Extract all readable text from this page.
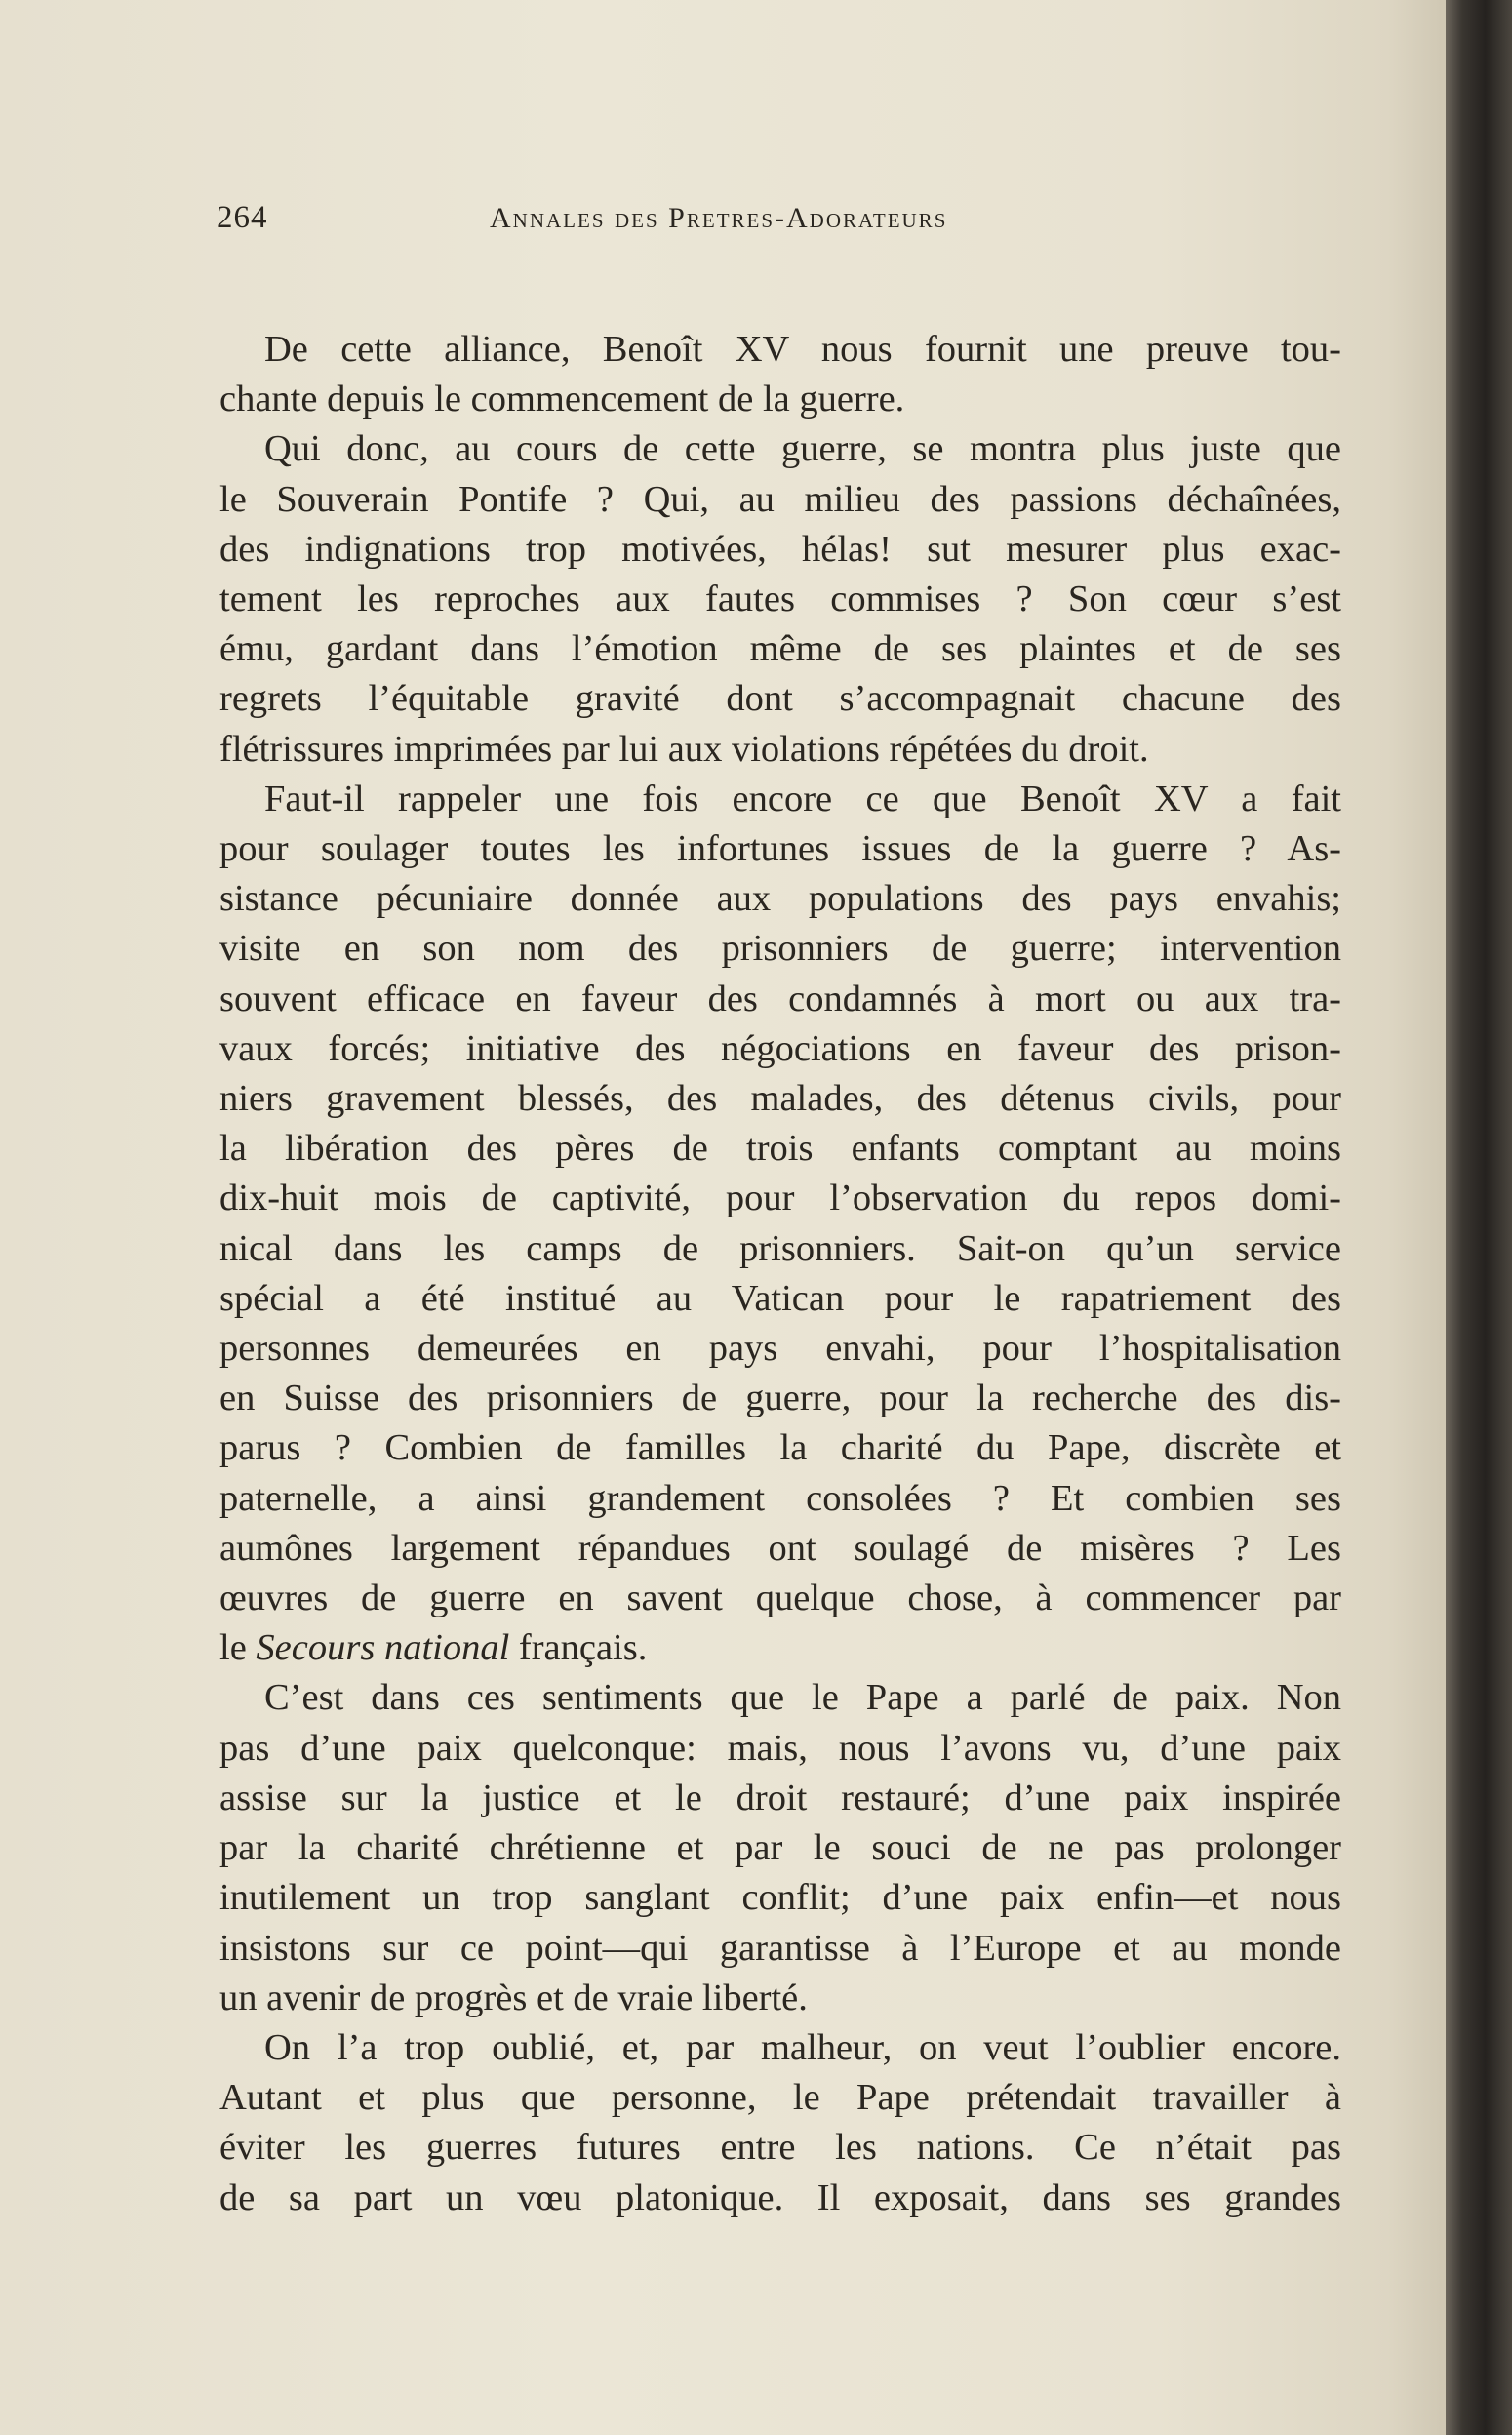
264	Annales des Pretres-Adorateurs
De cette alliance, Benoît XV nous fournit une preuve tou-
chante depuis le commencement de la guerre.
Qui donc, au cours de cette guerre, se montra plus juste que
le Souverain Pontife ? Qui, au milieu des passions déchaînées,
des indignations trop motivées, hélas! sut mesurer plus exac-
tement les reproches aux fautes commises ? Son cœur s’est
ému, gardant dans l’émotion même de ses plaintes et de ses
regrets l’équitable gravité dont s’accompagnait chacune des
flétrissures imprimées par lui aux violations répétées du droit.
Faut-il rappeler une fois encore ce que Benoît XV a fait
pour soulager toutes les infortunes issues de la guerre ? As-
sistance pécuniaire donnée aux populations des pays envahis;
visite en son nom des prisonniers de guerre; intervention
souvent efficace en faveur des condamnés à mort ou aux tra-
vaux forcés; initiative des négociations en faveur des prison-
niers gravement blessés, des malades, des détenus civils, pour
la libération des pères de trois enfants comptant au moins
dix-huit mois de captivité, pour l’observation du repos domi-
nical dans les camps de prisonniers. Sait-on qu’un service
spécial a été institué au Vatican pour le rapatriement des
personnes demeurées en pays envahi, pour l’hospitalisation
en Suisse des prisonniers de guerre, pour la recherche des dis-
parus ? Combien de familles la charité du Pape, discrète et
paternelle, a ainsi grandement consolées ? Et combien ses
aumônes largement répandues ont soulagé de misères ? Les
œuvres de guerre en savent quelque chose, à commencer par
le Secours national français.
C’est dans ces sentiments que le Pape a parlé de paix. Non
pas d’une paix quelconque: mais, nous l’avons vu, d’une paix
assise sur la justice et le droit restauré; d’une paix inspirée
par la charité chrétienne et par le souci de ne pas prolonger
inutilement un trop sanglant conflit; d’une paix enfin—et nous
insistons sur ce point—qui garantisse à l’Europe et au monde
un avenir de progrès et de vraie liberté.
On l’a trop oublié, et, par malheur, on veut l’oublier encore.
Autant et plus que personne, le Pape prétendait travailler à
éviter les guerres futures entre les nations. Ce n’était pas
de sa part un vœu platonique. Il exposait, dans ses grandes
